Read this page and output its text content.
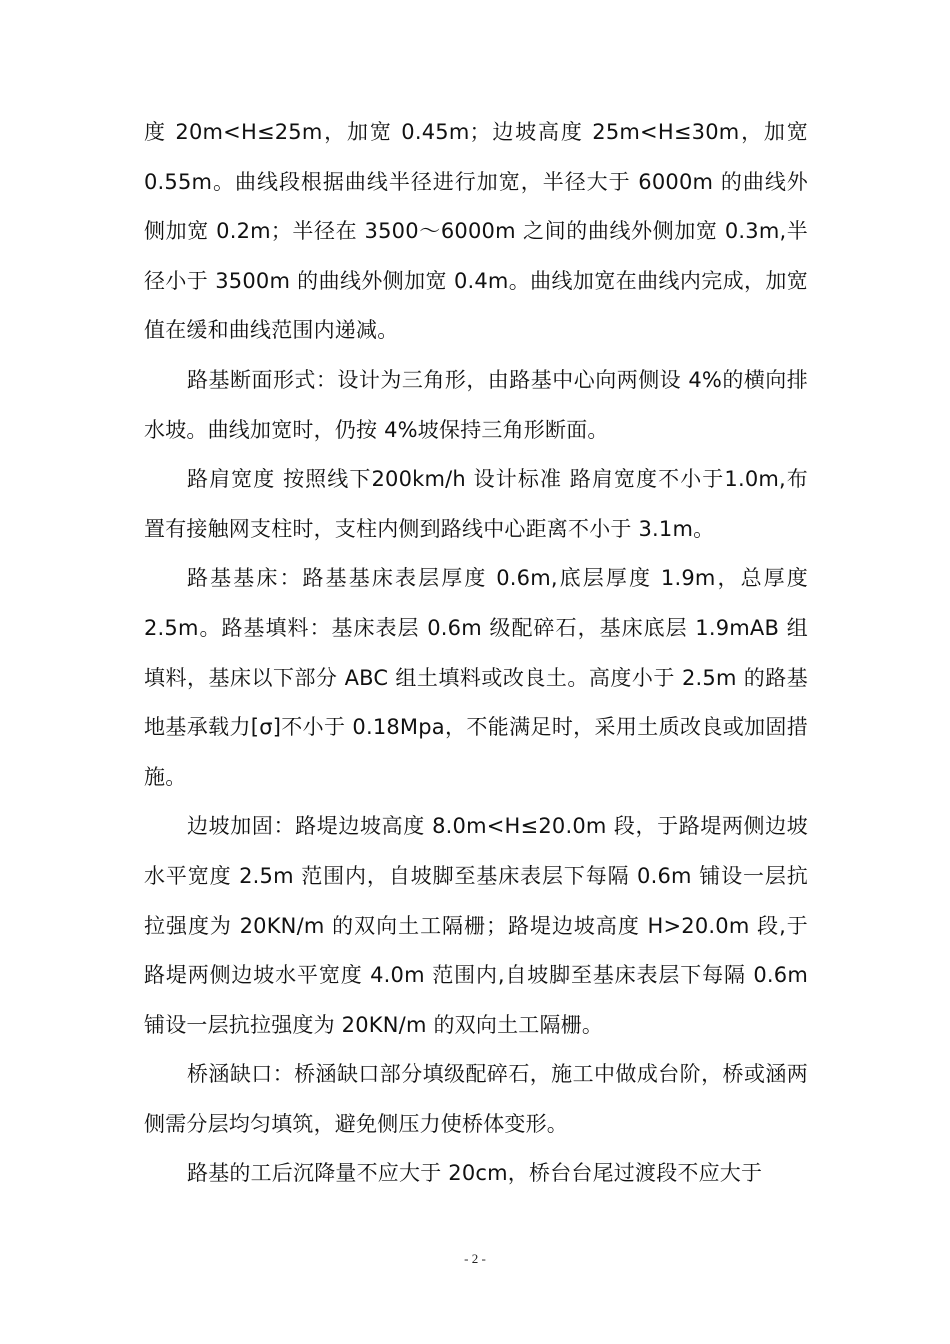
度 20m<H≤25m，加宽 0.45m；边坡高度 25m<H≤30m，加宽 0.55m。曲线段根据曲线半径进行加宽，半径大于 6000m 的曲线外侧加宽 0.2m；半径在 3500～6000m 之间的曲线外侧加宽 0.3m,半径小于 3500m 的曲线外侧加宽 0.4m。曲线加宽在曲线内完成，加宽值在缓和曲线范围内递减。

路基断面形式：设计为三角形，由路基中心向两侧设 4%的横向排水坡。曲线加宽时，仍按 4%坡保持三角形断面。

路肩宽度 按照线下200km/h 设计标准 路肩宽度不小于1.0m,布置有接触网支柱时，支柱内侧到路线中心距离不小于 3.1m。

路基基床：路基基床表层厚度 0.6m,底层厚度 1.9m，总厚度 2.5m。路基填料：基床表层 0.6m 级配碎石，基床底层 1.9mAB 组填料，基床以下部分 ABC 组土填料或改良土。高度小于 2.5m 的路基地基承载力[σ]不小于 0.18Mpa，不能满足时，采用土质改良或加固措施。

边坡加固：路堤边坡高度 8.0m<H≤20.0m 段，于路堤两侧边坡水平宽度 2.5m 范围内，自坡脚至基床表层下每隔 0.6m 铺设一层抗拉强度为 20KN/m 的双向土工隔栅；路堤边坡高度 H>20.0m 段,于路堤两侧边坡水平宽度 4.0m 范围内,自坡脚至基床表层下每隔 0.6m 铺设一层抗拉强度为 20KN/m 的双向土工隔栅。

桥涵缺口：桥涵缺口部分填级配碎石，施工中做成台阶，桥或涵两侧需分层均匀填筑，避免侧压力使桥体变形。

路基的工后沉降量不应大于 20cm，桥台台尾过渡段不应大于

- 2 -
